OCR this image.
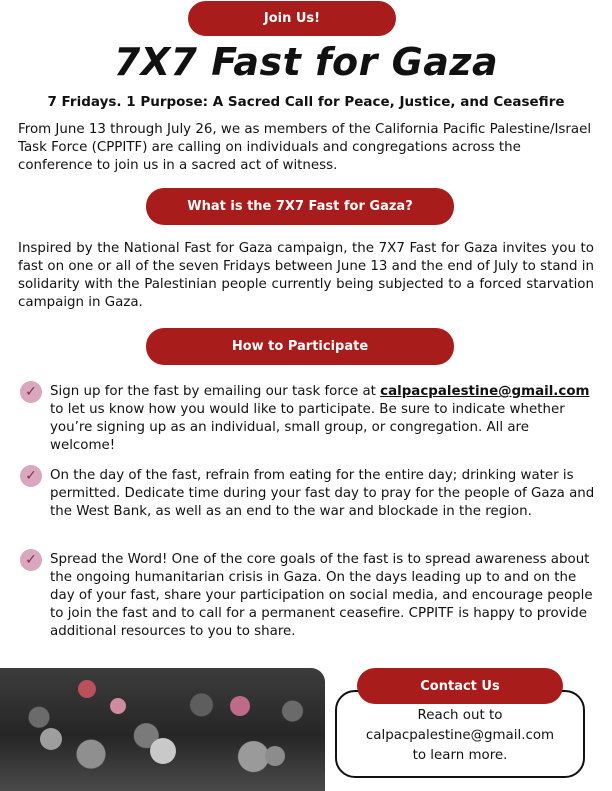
Join Us!
7X7 Fast for Gaza
7 Fridays. 1 Purpose: A Sacred Call for Peace, Justice, and Ceasefire
From June 13 through July 26, we as members of the California Pacific Palestine/Israel Task Force (CPPITF) are calling on individuals and congregations across the conference to join us in a sacred act of witness.
What is the 7X7 Fast for Gaza?
Inspired by the National Fast for Gaza campaign, the 7X7 Fast for Gaza invites you to fast on one or all of the seven Fridays between June 13 and the end of July to stand in solidarity with the Palestinian people currently being subjected to a forced starvation campaign in Gaza.
How to Participate
✓ Sign up for the fast by emailing our task force at calpacpalestine@gmail.com to let us know how you would like to participate. Be sure to indicate whether you’re signing up as an individual, small group, or congregation. All are welcome!
✓ On the day of the fast, refrain from eating for the entire day; drinking water is permitted. Dedicate time during your fast day to pray for the people of Gaza and the West Bank, as well as an end to the war and blockade in the region.
✓ Spread the Word! One of the core goals of the fast is to spread awareness about the ongoing humanitarian crisis in Gaza. On the days leading up to and on the day of your fast, share your participation on social media, and encourage people to join the fast and to call for a permanent ceasefire. CPPITF is happy to provide additional resources to you to share.
Contact Us
Reach out to
calpacpalestine@gmail.com
to learn more.
